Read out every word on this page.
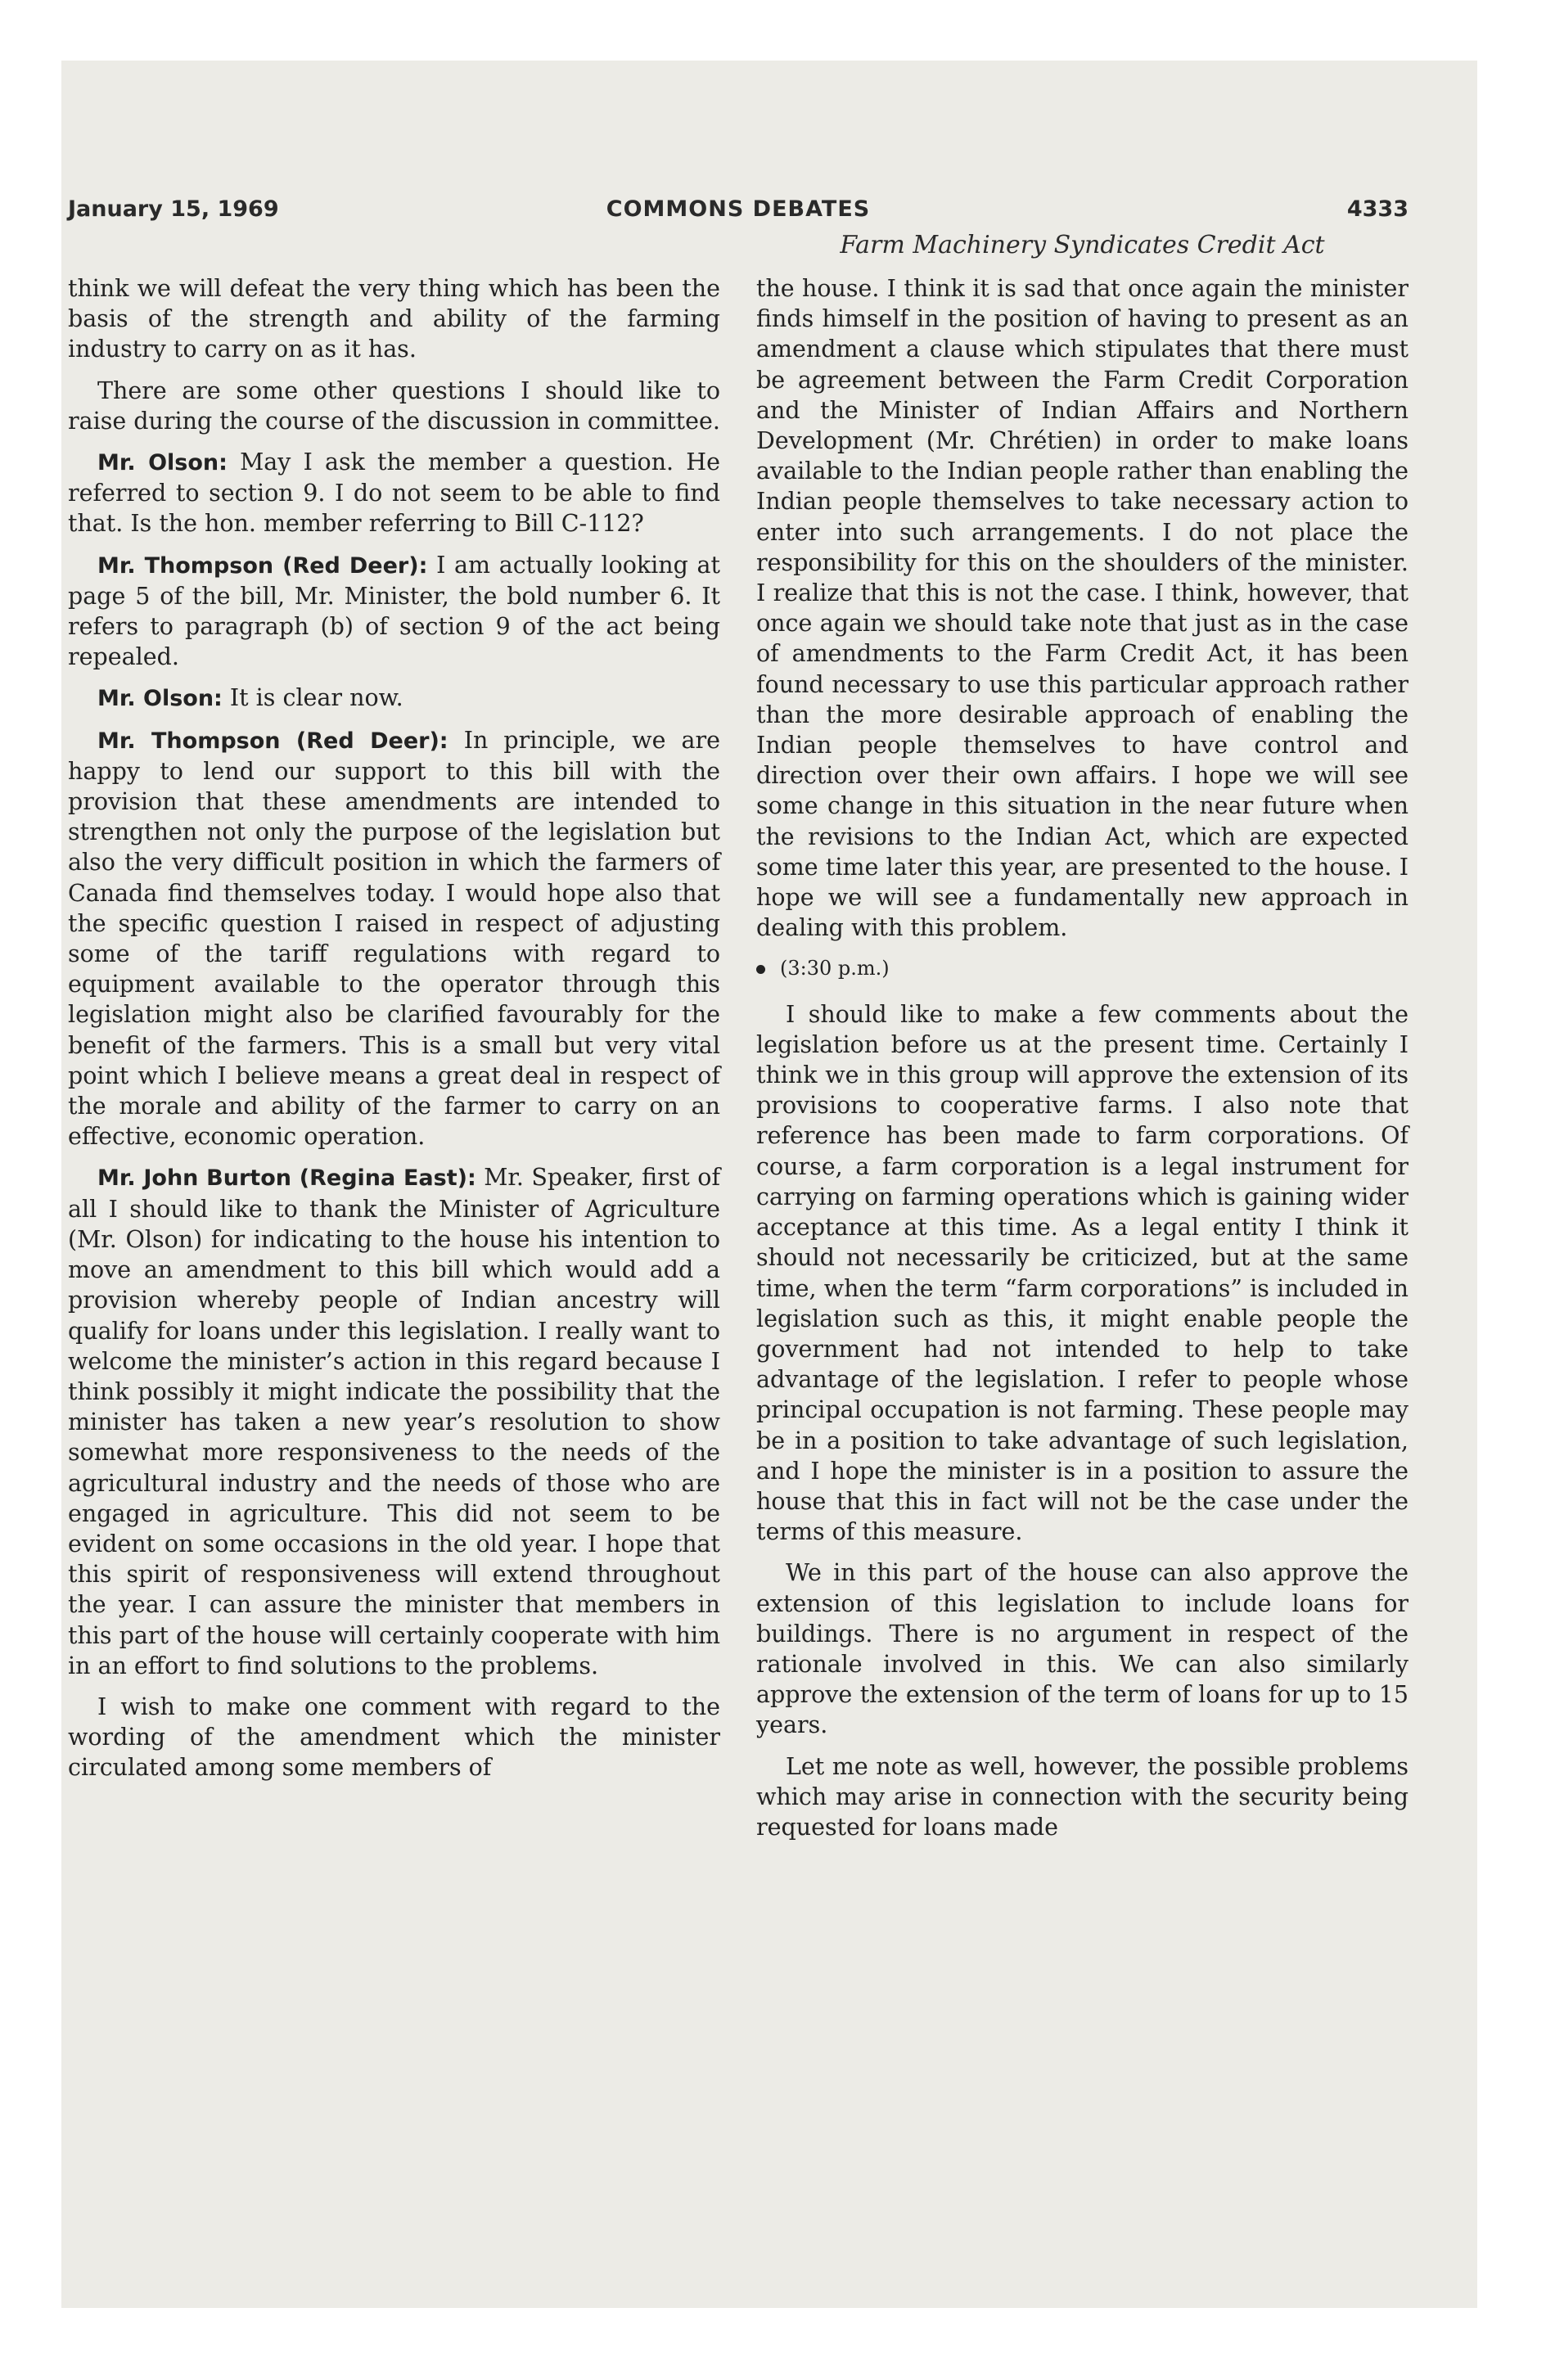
January 15, 1969	COMMONS DEBATES	4333
Farm Machinery Syndicates Credit Act

think we will defeat the very thing which has been the basis of the strength and ability of the farming industry to carry on as it has.

There are some other questions I should like to raise during the course of the discussion in committee.

Mr. Olson: May I ask the member a question. He referred to section 9. I do not seem to be able to find that. Is the hon. member referring to Bill C-112?

Mr. Thompson (Red Deer): I am actually looking at page 5 of the bill, Mr. Minister, the bold number 6. It refers to paragraph (b) of section 9 of the act being repealed.

Mr. Olson: It is clear now.

Mr. Thompson (Red Deer): In principle, we are happy to lend our support to this bill with the provision that these amendments are intended to strengthen not only the purpose of the legislation but also the very difficult position in which the farmers of Canada find themselves today. I would hope also that the specific question I raised in respect of adjusting some of the tariff regulations with regard to equipment available to the operator through this legislation might also be clarified favourably for the benefit of the farmers. This is a small but very vital point which I believe means a great deal in respect of the morale and ability of the farmer to carry on an effective, economic operation.

Mr. John Burton (Regina East): Mr. Speaker, first of all I should like to thank the Minister of Agriculture (Mr. Olson) for indicating to the house his intention to move an amendment to this bill which would add a provision whereby people of Indian ancestry will qualify for loans under this legislation. I really want to welcome the minister’s action in this regard because I think possibly it might indicate the possibility that the minister has taken a new year’s resolution to show somewhat more responsiveness to the needs of the agricultural industry and the needs of those who are engaged in agriculture. This did not seem to be evident on some occasions in the old year. I hope that this spirit of responsiveness will extend throughout the year. I can assure the minister that members in this part of the house will certainly cooperate with him in an effort to find solutions to the problems.

I wish to make one comment with regard to the wording of the amendment which the minister circulated among some members of

the house. I think it is sad that once again the minister finds himself in the position of having to present as an amendment a clause which stipulates that there must be agreement between the Farm Credit Corporation and the Minister of Indian Affairs and Northern Development (Mr. Chrétien) in order to make loans available to the Indian people rather than enabling the Indian people themselves to take necessary action to enter into such arrangements. I do not place the responsibility for this on the shoulders of the minister. I realize that this is not the case. I think, however, that once again we should take note that just as in the case of amendments to the Farm Credit Act, it has been found necessary to use this particular approach rather than the more desirable approach of enabling the Indian people themselves to have control and direction over their own affairs. I hope we will see some change in this situation in the near future when the revisions to the Indian Act, which are expected some time later this year, are presented to the house. I hope we will see a fundamentally new approach in dealing with this problem.

(3:30 p.m.)

I should like to make a few comments about the legislation before us at the present time. Certainly I think we in this group will approve the extension of its provisions to cooperative farms. I also note that reference has been made to farm corporations. Of course, a farm corporation is a legal instrument for carrying on farming operations which is gaining wider acceptance at this time. As a legal entity I think it should not necessarily be criticized, but at the same time, when the term “farm corporations” is included in legislation such as this, it might enable people the government had not intended to help to take advantage of the legislation. I refer to people whose principal occupation is not farming. These people may be in a position to take advantage of such legislation, and I hope the minister is in a position to assure the house that this in fact will not be the case under the terms of this measure.

We in this part of the house can also approve the extension of this legislation to include loans for buildings. There is no argument in respect of the rationale involved in this. We can also similarly approve the extension of the term of loans for up to 15 years.

Let me note as well, however, the possible problems which may arise in connection with the security being requested for loans made
